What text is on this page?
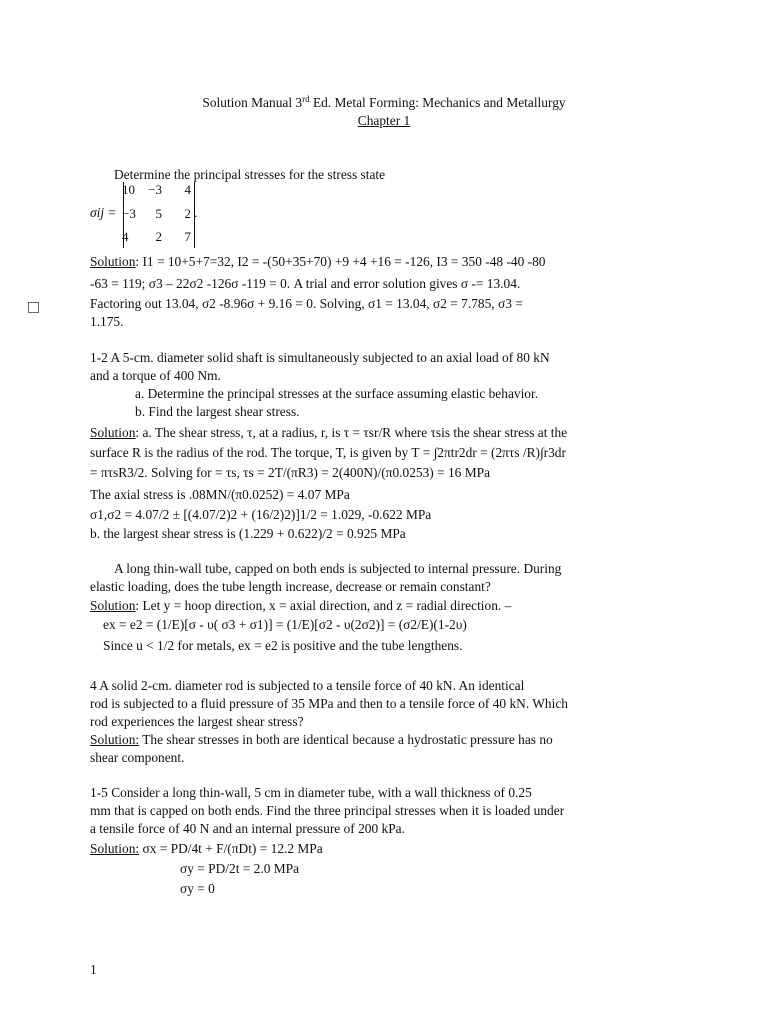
Solution Manual 3rd Ed. Metal Forming: Mechanics and Metallurgy
Chapter 1
Determine the principal stresses for the stress state
σij =
10	−3	4
−3	5	2
4	2	7
.
Solution: I1 = 10+5+7=32, I2 = -(50+35+70) +9 +4 +16 = -126, I3 = 350 -48 -40 -80
-63 = 119; σ3 – 22σ2 -126σ -119 = 0. A trial and error solution gives σ -= 13.04.
Factoring out 13.04, σ2 -8.96σ + 9.16 = 0. Solving, σ1 = 13.04, σ2 = 7.785, σ3 =
1.175.
1-2 A 5-cm. diameter solid shaft is simultaneously subjected to an axial load of 80 kN
and a torque of 400 Nm.
a. Determine the principal stresses at the surface assuming elastic behavior.
b. Find the largest shear stress.
Solution: a. The shear stress, τ, at a radius, r, is τ = τsr/R where τsis the shear stress at the
surface R is the radius of the rod. The torque, T, is given by T = ∫2πtr2dr = (2πτs /R)∫r3dr
= πτsR3/2. Solving for = τs, τs = 2T/(πR3) = 2(400N)/(π0.0253) = 16 MPa
The axial stress is .08MN/(π0.0252) = 4.07 MPa
σ1,σ2 = 4.07/2 ± [(4.07/2)2 + (16/2)2)]1/2 = 1.029, -0.622 MPa
b. the largest shear stress is (1.229 + 0.622)/2 = 0.925 MPa
A long thin-wall tube, capped on both ends is subjected to internal pressure. During
elastic loading, does the tube length increase, decrease or remain constant?
Solution: Let y = hoop direction, x = axial direction, and z = radial direction. –
ex = e2 = (1/E)[σ - υ( σ3 + σ1)] = (1/E)[σ2 - υ(2σ2)] = (σ2/E)(1-2υ)
Since u < 1/2 for metals, ex = e2 is positive and the tube lengthens.
4 A solid 2-cm. diameter rod is subjected to a tensile force of 40 kN. An identical
rod is subjected to a fluid pressure of 35 MPa and then to a tensile force of 40 kN. Which
rod experiences the largest shear stress?
Solution: The shear stresses in both are identical because a hydrostatic pressure has no
shear component.
1-5 Consider a long thin-wall, 5 cm in diameter tube, with a wall thickness of 0.25
mm that is capped on both ends. Find the three principal stresses when it is loaded under
a tensile force of 40 N and an internal pressure of 200 kPa.
Solution: σx = PD/4t + F/(πDt) = 12.2 MPa
σy = PD/2t = 2.0 MPa
σy = 0
1
